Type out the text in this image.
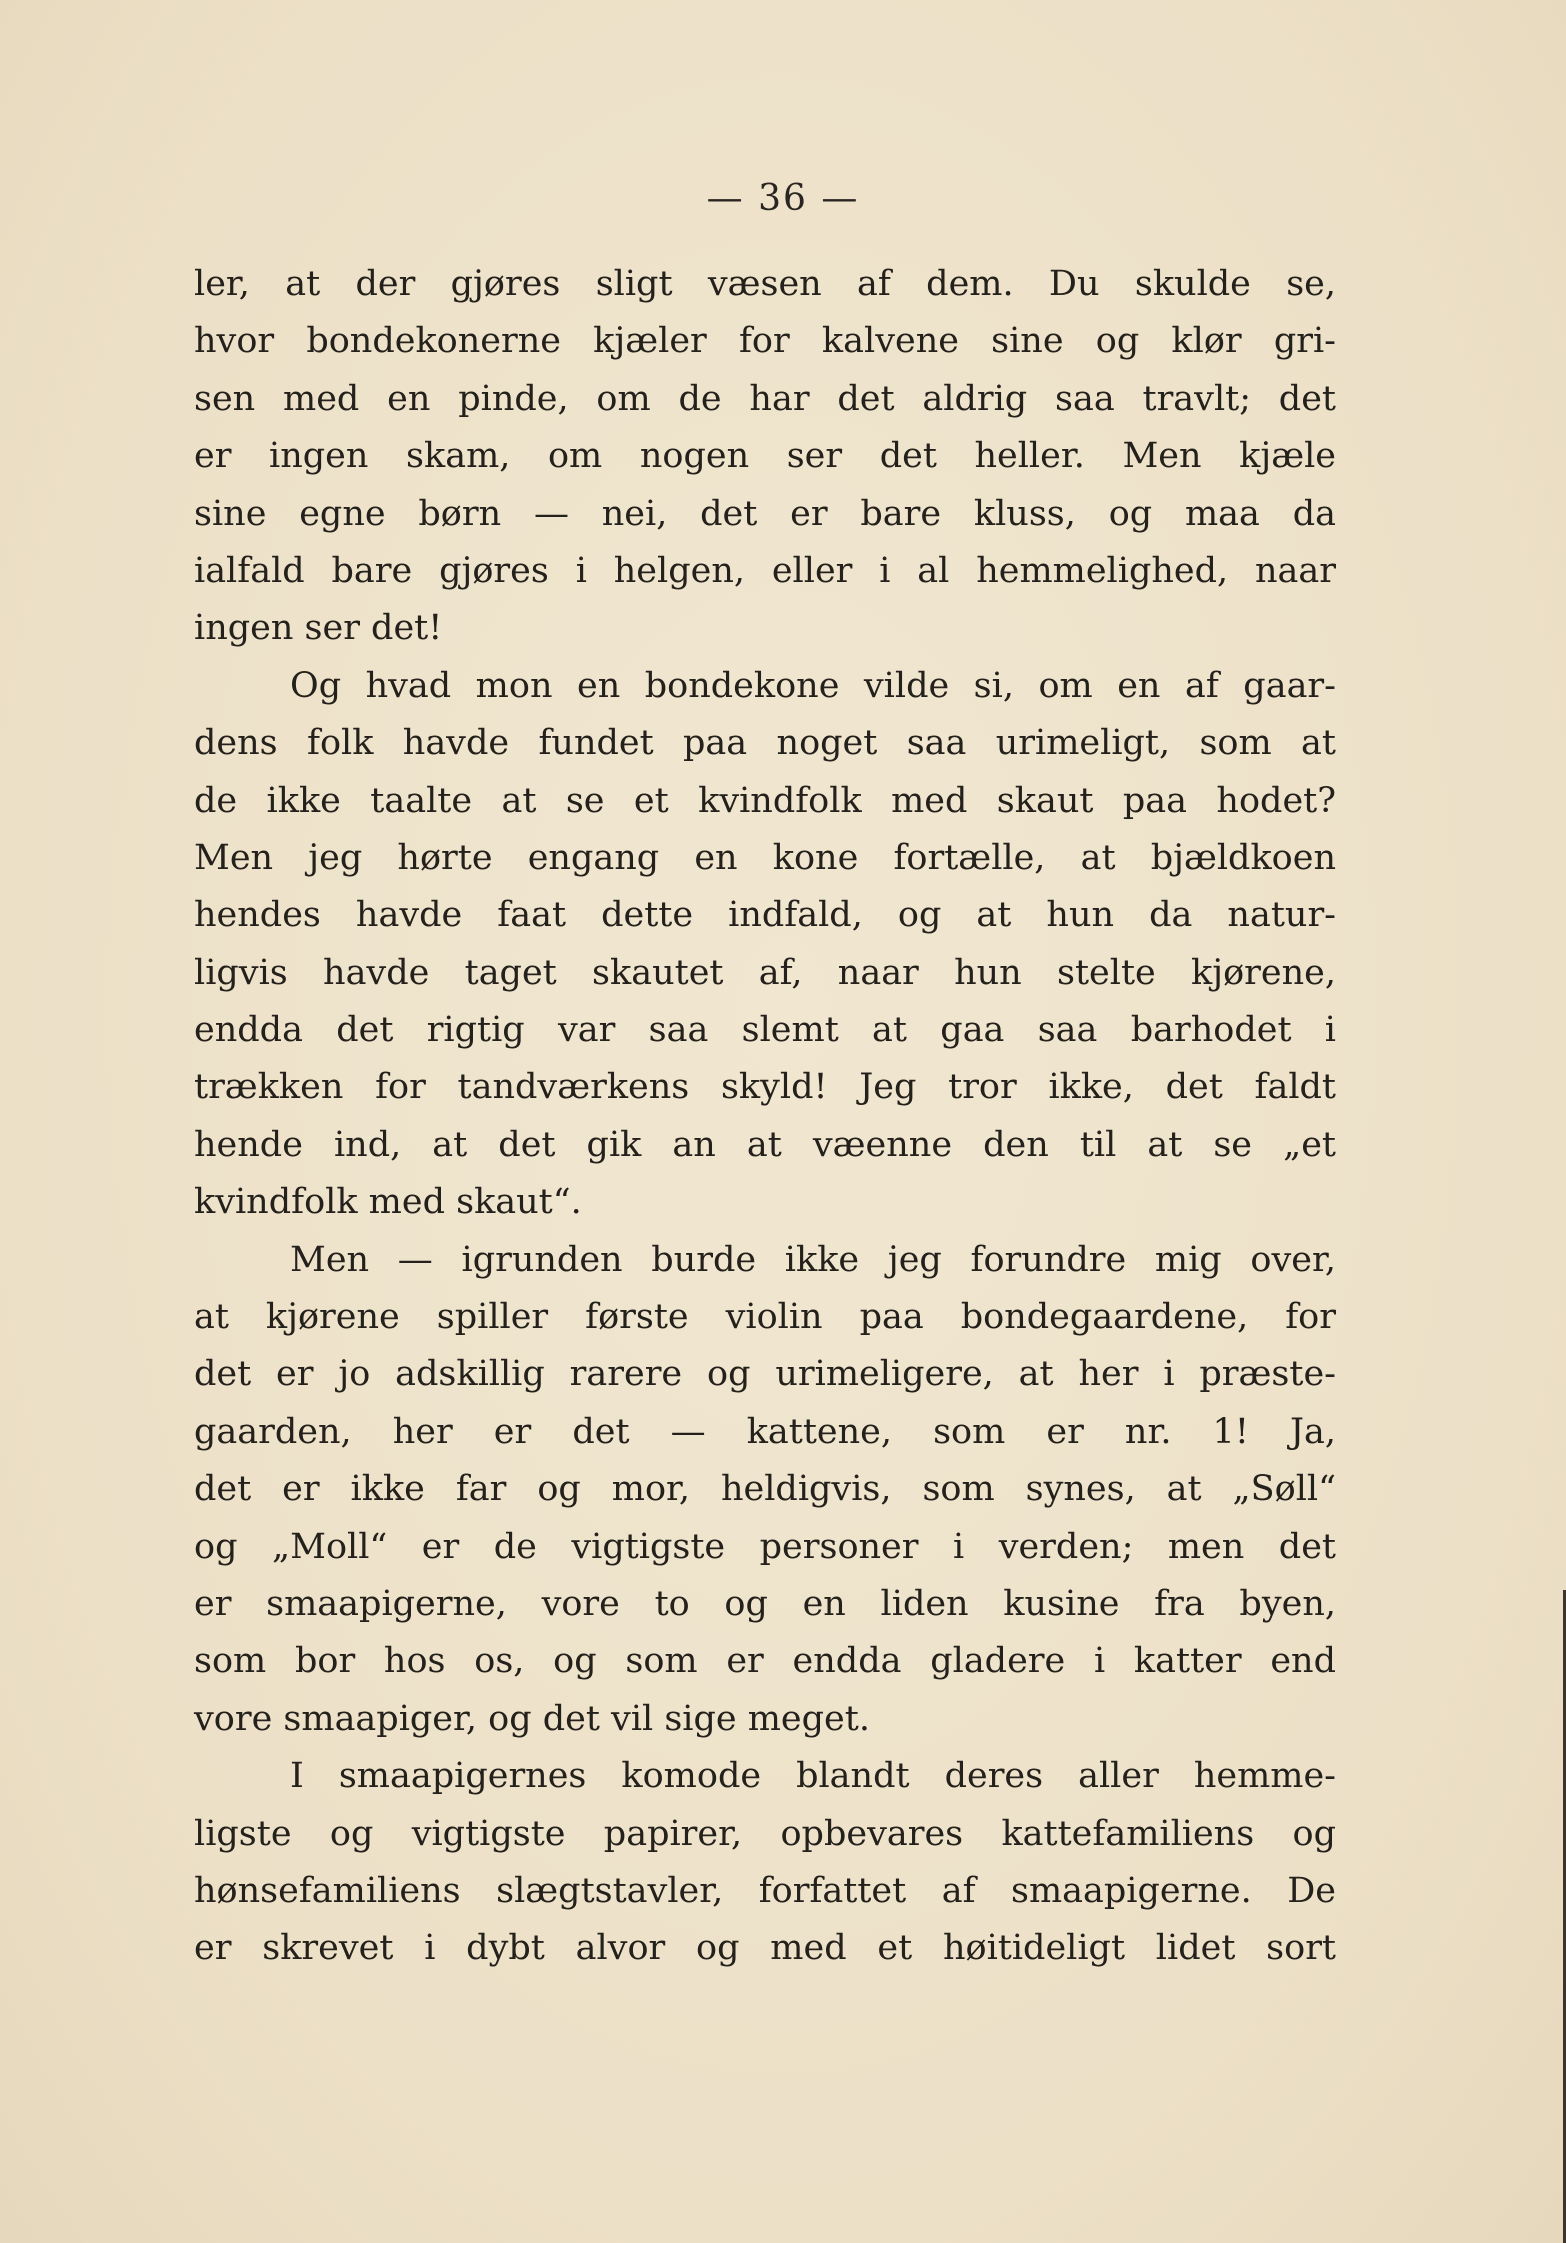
— 36 —
ler, at der gjøres sligt væsen af dem. Du skulde se,
hvor bondekonerne kjæler for kalvene sine og klør gri-
sen med en pinde, om de har det aldrig saa travlt; det
er ingen skam, om nogen ser det heller. Men kjæle
sine egne børn — nei, det er bare kluss, og maa da
ialfald bare gjøres i helgen, eller i al hemmelighed, naar
ingen ser det!
Og hvad mon en bondekone vilde si, om en af gaar-
dens folk havde fundet paa noget saa urimeligt, som at
de ikke taalte at se et kvindfolk med skaut paa hodet?
Men jeg hørte engang en kone fortælle, at bjældkoen
hendes havde faat dette indfald, og at hun da natur-
ligvis havde taget skautet af, naar hun stelte kjørene,
endda det rigtig var saa slemt at gaa saa barhodet i
trækken for tandværkens skyld! Jeg tror ikke, det faldt
hende ind, at det gik an at væenne den til at se „et
kvindfolk med skaut“.
Men — igrunden burde ikke jeg forundre mig over,
at kjørene spiller første violin paa bondegaardene, for
det er jo adskillig rarere og urimeligere, at her i præste-
gaarden, her er det — kattene, som er nr. 1! Ja,
det er ikke far og mor, heldigvis, som synes, at „Søll“
og „Moll“ er de vigtigste personer i verden; men det
er smaapigerne, vore to og en liden kusine fra byen,
som bor hos os, og som er endda gladere i katter end
vore smaapiger, og det vil sige meget.
I smaapigernes komode blandt deres aller hemme-
ligste og vigtigste papirer, opbevares kattefamiliens og
hønsefamiliens slægtstavler, forfattet af smaapigerne. De
er skrevet i dybt alvor og med et høitideligt lidet sort
